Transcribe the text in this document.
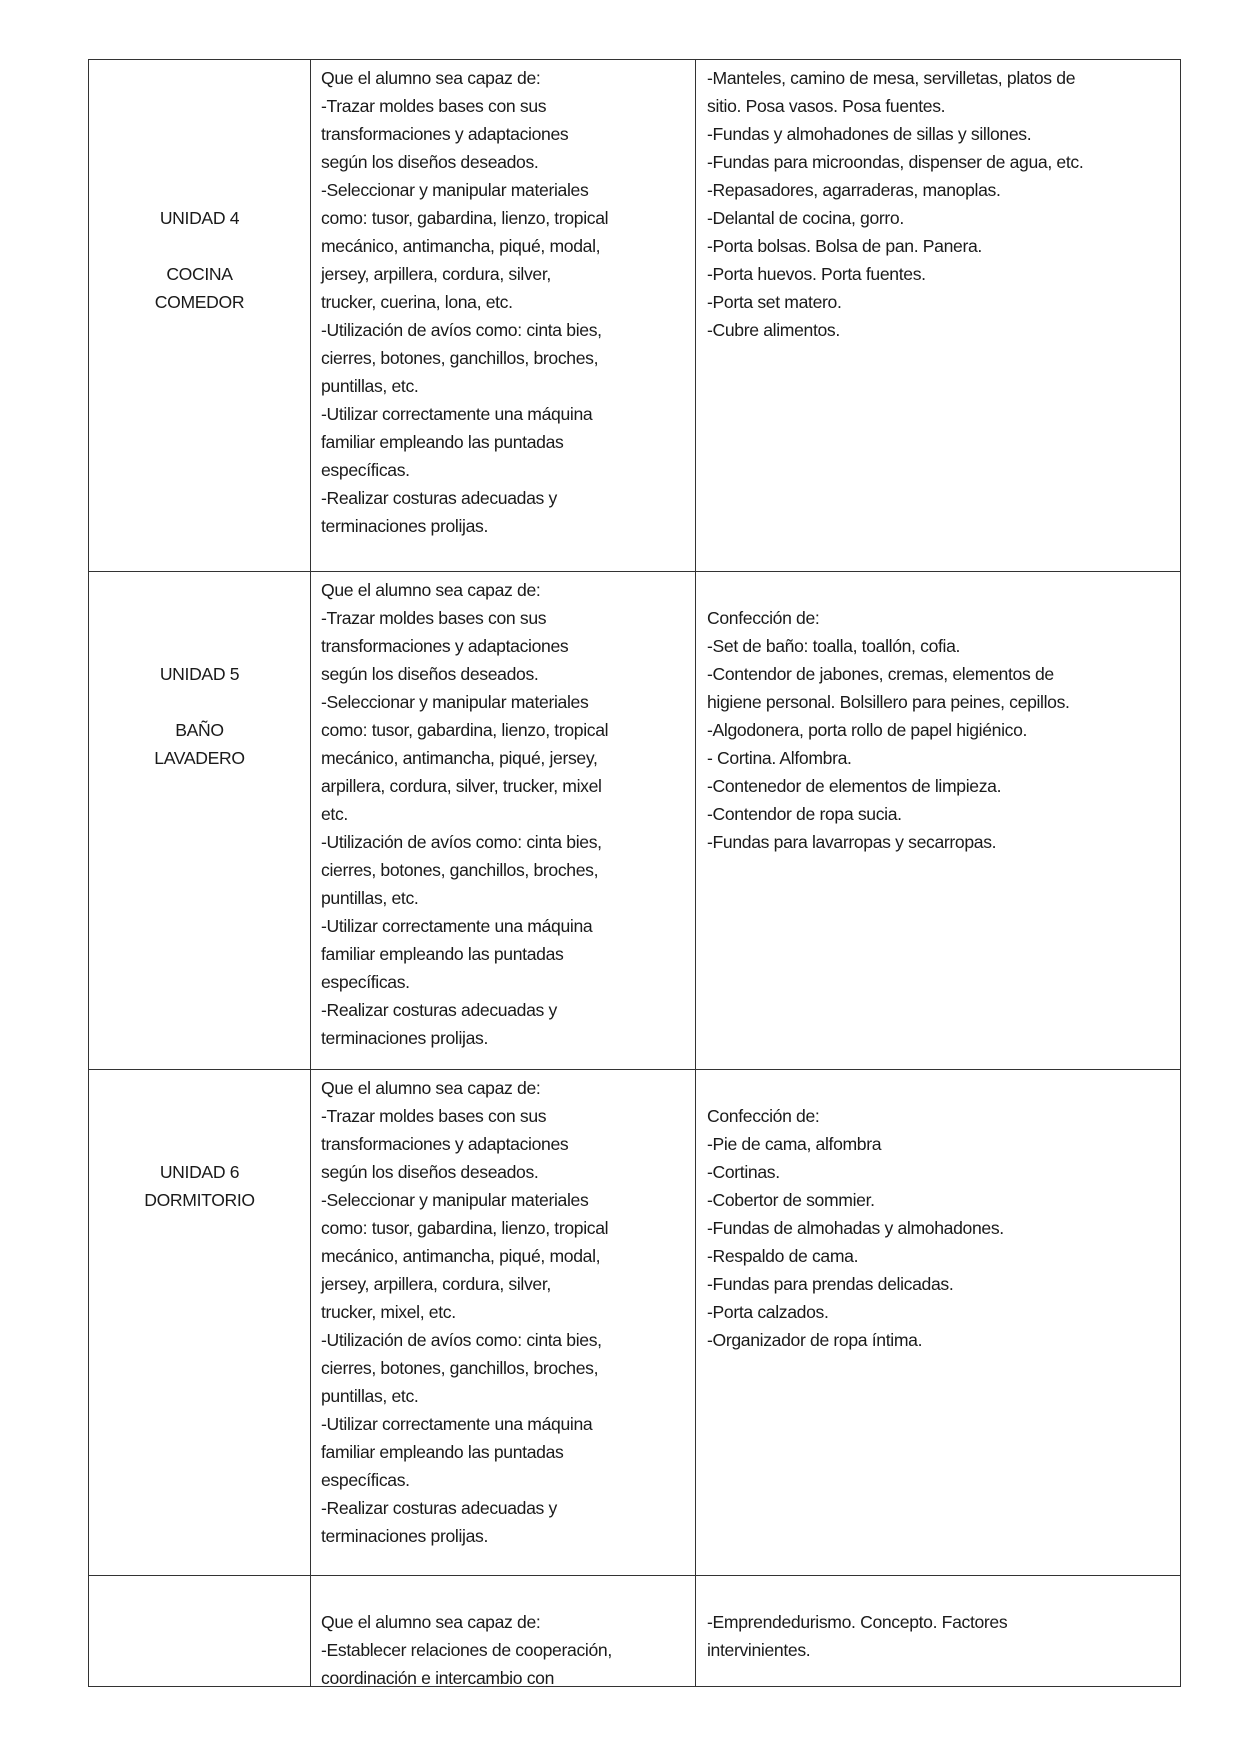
UNIDAD 4
COCINA
COMEDOR
Que el alumno sea capaz de:
-Trazar moldes bases con sus
transformaciones y adaptaciones
según los diseños deseados.
-Seleccionar y manipular materiales
como: tusor, gabardina, lienzo, tropical
mecánico, antimancha, piqué, modal,
jersey, arpillera, cordura, silver,
trucker, cuerina, lona, etc.
-Utilización de avíos como: cinta bies,
cierres, botones, ganchillos, broches,
puntillas, etc.
-Utilizar correctamente una máquina
familiar empleando las puntadas
específicas.
-Realizar costuras adecuadas y
terminaciones prolijas.
-Manteles, camino de mesa, servilletas, platos de
sitio. Posa vasos. Posa fuentes.
-Fundas y almohadones de sillas y sillones.
-Fundas para microondas, dispenser de agua, etc.
-Repasadores, agarraderas, manoplas.
-Delantal de cocina, gorro.
-Porta bolsas. Bolsa de pan. Panera.
-Porta huevos. Porta fuentes.
-Porta set matero.
-Cubre alimentos.
UNIDAD 5
BAÑO
LAVADERO
Que el alumno sea capaz de:
-Trazar moldes bases con sus
transformaciones y adaptaciones
según los diseños deseados.
-Seleccionar y manipular materiales
como: tusor, gabardina, lienzo, tropical
mecánico, antimancha, piqué, jersey,
arpillera, cordura, silver, trucker, mixel
etc.
-Utilización de avíos como: cinta bies,
cierres, botones, ganchillos, broches,
puntillas, etc.
-Utilizar correctamente una máquina
familiar empleando las puntadas
específicas.
-Realizar costuras adecuadas y
terminaciones prolijas.
Confección de:
-Set de baño: toalla, toallón, cofia.
-Contendor de jabones, cremas, elementos de
higiene personal. Bolsillero para peines, cepillos.
-Algodonera, porta rollo de papel higiénico.
- Cortina. Alfombra.
-Contenedor de elementos de limpieza.
-Contendor de ropa sucia.
-Fundas para lavarropas y secarropas.
UNIDAD 6
DORMITORIO
Que el alumno sea capaz de:
-Trazar moldes bases con sus
transformaciones y adaptaciones
según los diseños deseados.
-Seleccionar y manipular materiales
como: tusor, gabardina, lienzo, tropical
mecánico, antimancha, piqué, modal,
jersey, arpillera, cordura, silver,
trucker, mixel, etc.
-Utilización de avíos como: cinta bies,
cierres, botones, ganchillos, broches,
puntillas, etc.
-Utilizar correctamente una máquina
familiar empleando las puntadas
específicas.
-Realizar costuras adecuadas y
terminaciones prolijas.
Confección de:
-Pie de cama, alfombra
-Cortinas.
-Cobertor de sommier.
-Fundas de almohadas y almohadones.
-Respaldo de cama.
-Fundas para prendas delicadas.
-Porta calzados.
-Organizador de ropa íntima.
Que el alumno sea capaz de:
-Establecer relaciones de cooperación,
coordinación e intercambio con
-Emprendedurismo. Concepto. Factores
intervinientes.
